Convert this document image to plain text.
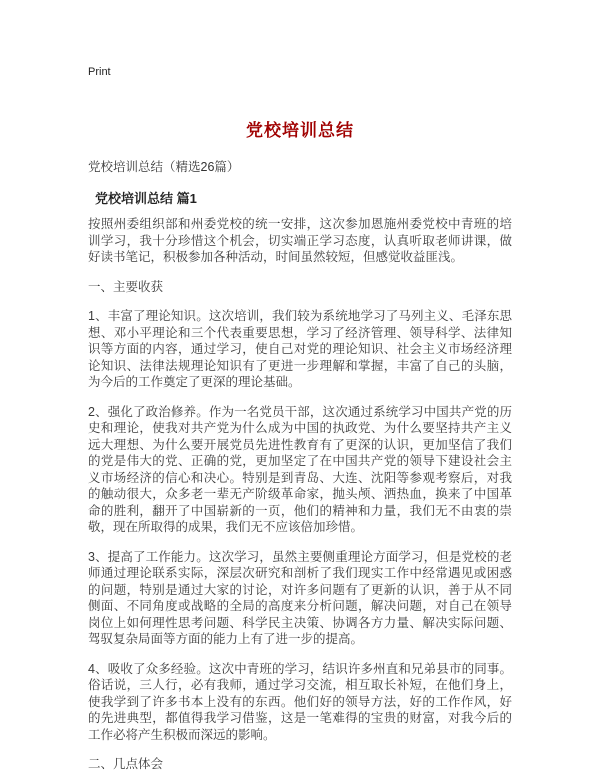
Print
党校培训总结

党校培训总结（精选26篇）

党校培训总结 篇1

按照州委组织部和州委党校的统一安排，这次参加恩施州委党校中青班的培训学习，我十分珍惜这个机会，切实端正学习态度，认真听取老师讲课，做好读书笔记，积极参加各种活动，时间虽然较短，但感觉收益匪浅。

一、主要收获

1、丰富了理论知识。这次培训，我们较为系统地学习了马列主义、毛泽东思想、邓小平理论和三个代表重要思想，学习了经济管理、领导科学、法律知识等方面的内容，通过学习，使自己对党的理论知识、社会主义市场经济理论知识、法律法规理论知识有了更进一步理解和掌握，丰富了自己的头脑，为今后的工作奠定了更深的理论基础。

2、强化了政治修养。作为一名党员干部，这次通过系统学习中国共产党的历史和理论，使我对共产党为什么成为中国的执政党、为什么要坚持共产主义远大理想、为什么要开展党员先进性教育有了更深的认识，更加坚信了我们的党是伟大的党、正确的党，更加坚定了在中国共产党的领导下建设社会主义市场经济的信心和决心。特别是到青岛、大连、沈阳等参观考察后，对我的触动很大，众多老一辈无产阶级革命家，抛头颅、洒热血，换来了中国革命的胜利，翻开了中国崭新的一页，他们的精神和力量，我们无不由衷的崇敬，现在所取得的成果，我们无不应该倍加珍惜。

3、提高了工作能力。这次学习，虽然主要侧重理论方面学习，但是党校的老师通过理论联系实际，深层次研究和剖析了我们现实工作中经常遇见或困惑的问题，特别是通过大家的讨论，对许多问题有了更新的认识，善于从不同侧面、不同角度或战略的全局的高度来分析问题，解决问题，对自己在领导岗位上如何理性思考问题、科学民主决策、协调各方力量、解决实际问题、驾驭复杂局面等方面的能力上有了进一步的提高。

4、吸收了众多经验。这次中青班的学习，结识许多州直和兄弟县市的同事。俗话说，三人行，必有我师，通过学习交流，相互取长补短，在他们身上，使我学到了许多书本上没有的东西。他们好的领导方法，好的工作作风，好的先进典型，都值得我学习借鉴，这是一笔难得的宝贵的财富，对我今后的工作必将产生积极而深远的影响。

二、几点体会
